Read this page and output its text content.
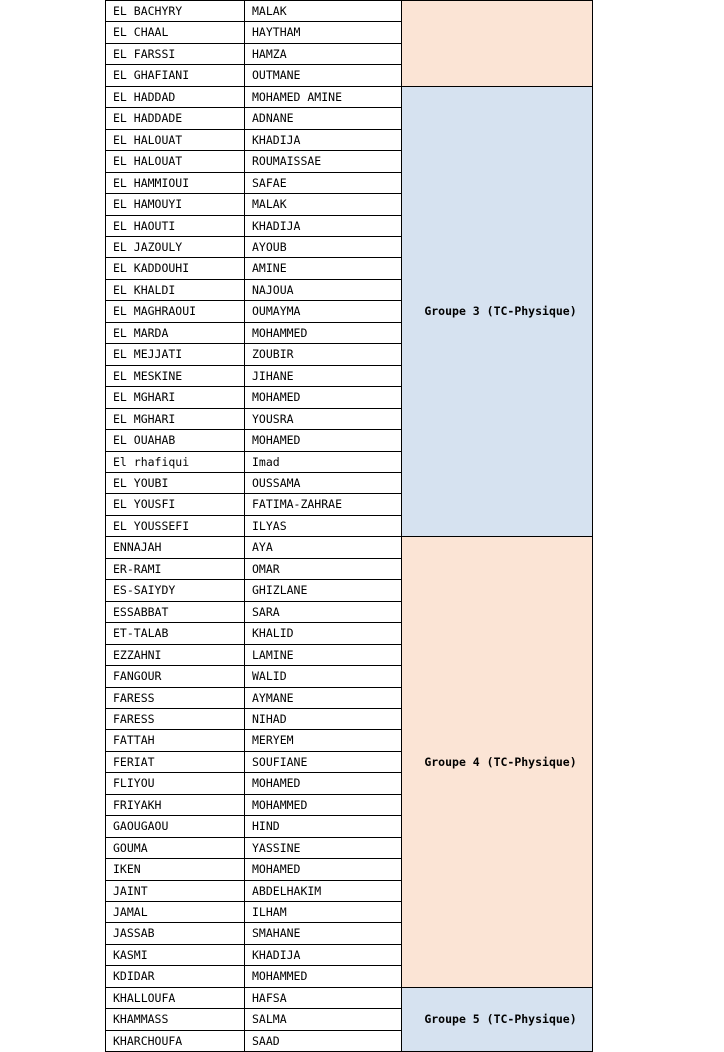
EL BACHYRY	MALAK	
EL CHAAL	HAYTHAM	
EL FARSSI	HAMZA	
EL GHAFIANI	OUTMANE	
EL HADDAD	MOHAMED AMINE	Groupe 3 (TC-Physique)
EL HADDADE	ADNANE	
EL HALOUAT	KHADIJA	
EL HALOUAT	ROUMAISSAE	
EL HAMMIOUI	SAFAE	
EL HAMOUYI	MALAK	
EL HAOUTI	KHADIJA	
EL JAZOULY	AYOUB	
EL KADDOUHI	AMINE	
EL KHALDI	NAJOUA	
EL MAGHRAOUI	OUMAYMA	
EL MARDA	MOHAMMED	
EL MEJJATI	ZOUBIR	
EL MESKINE	JIHANE	
EL MGHARI	MOHAMED	
EL MGHARI	YOUSRA	
EL OUAHAB	MOHAMED	
El rhafiqui	Imad	
EL YOUBI	OUSSAMA	
EL YOUSFI	FATIMA-ZAHRAE	
EL YOUSSEFI	ILYAS	
ENNAJAH	AYA	Groupe 4 (TC-Physique)
ER-RAMI	OMAR	
ES-SAIYDY	GHIZLANE	
ESSABBAT	SARA	
ET-TALAB	KHALID	
EZZAHNI	LAMINE	
FANGOUR	WALID	
FARESS	AYMANE	
FARESS	NIHAD	
FATTAH	MERYEM	
FERIAT	SOUFIANE	
FLIYOU	MOHAMED	
FRIYAKH	MOHAMMED	
GAOUGAOU	HIND	
GOUMA	YASSINE	
IKEN	MOHAMED	
JAINT	ABDELHAKIM	
JAMAL	ILHAM	
JASSAB	SMAHANE	
KASMI	KHADIJA	
KDIDAR	MOHAMMED	
KHALLOUFA	HAFSA	Groupe 5 (TC-Physique)
KHAMMASS	SALMA	
KHARCHOUFA	SAAD	
